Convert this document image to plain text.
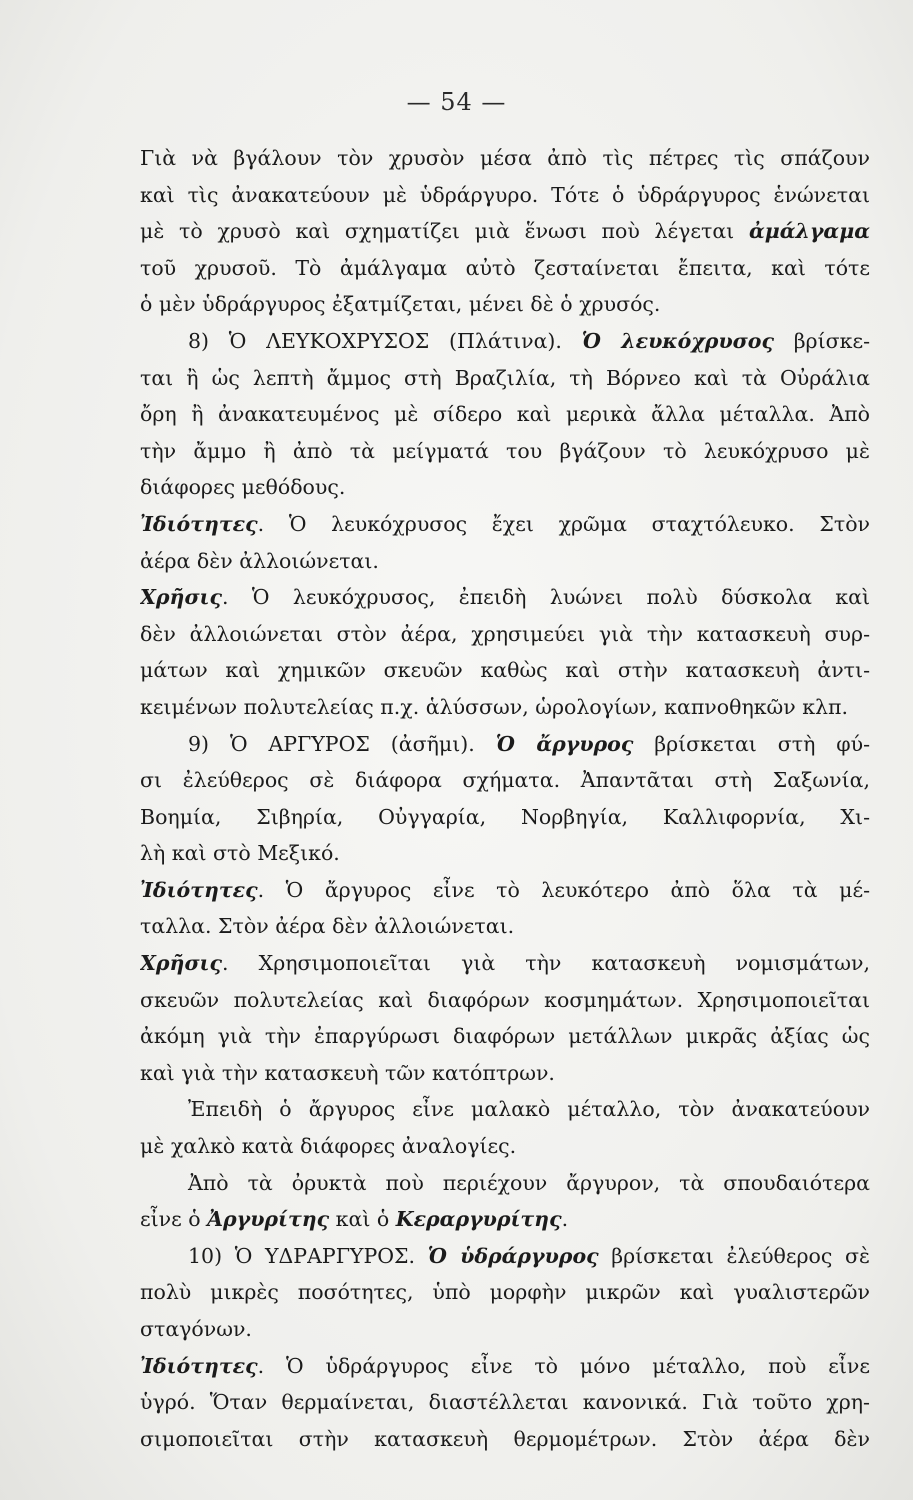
— 54 —
Γιὰ νὰ βγάλουν τὸν χρυσὸν μέσα ἀπὸ τὶς πέτρες τὶς σπάζουν
καὶ τὶς ἀνακατεύουν μὲ ὑδράργυρο. Τότε ὁ ὑδράργυρος ἑνώνεται
μὲ τὸ χρυσὸ καὶ σχηματίζει μιὰ ἕνωσι ποὺ λέγεται ἀμάλγαμα
τοῦ χρυσοῦ. Τὸ ἀμάλγαμα αὐτὸ ζεσταίνεται ἔπειτα, καὶ τότε
ὁ μὲν ὑδράργυρος ἐξατμίζεται, μένει δὲ ὁ χρυσός.
8) Ὁ ΛΕΥΚΟΧΡΥΣΟΣ (Πλάτινα). Ὁ λευκόχρυσος βρίσκε-
ται ἢ ὡς λεπτὴ ἄμμος στὴ Βραζιλία, τὴ Βόρνεο καὶ τὰ Οὐράλια
ὄρη ἢ ἀνακατευμένος μὲ σίδερο καὶ μερικὰ ἄλλα μέταλλα. Ἀπὸ
τὴν ἄμμο ἢ ἀπὸ τὰ μείγματά του βγάζουν τὸ λευκόχρυσο μὲ
διάφορες μεθόδους.
Ἰδιότητες. Ὁ λευκόχρυσος ἔχει χρῶμα σταχτόλευκο. Στὸν
ἀέρα δὲν ἀλλοιώνεται.
Χρῆσις. Ὁ λευκόχρυσος, ἐπειδὴ λυώνει πολὺ δύσκολα καὶ
δὲν ἀλλοιώνεται στὸν ἀέρα, χρησιμεύει γιὰ τὴν κατασκευὴ συρ-
μάτων καὶ χημικῶν σκευῶν καθὼς καὶ στὴν κατασκευὴ ἀντι-
κειμένων πολυτελείας π.χ. ἁλύσσων, ὡρολογίων, καπνοθηκῶν κλπ.
9) Ὁ ΑΡΓΥΡΟΣ (ἀσῆμι). Ὁ ἄργυρος βρίσκεται στὴ φύ-
σι ἐλεύθερος σὲ διάφορα σχήματα. Ἀπαντᾶται στὴ Σαξωνία,
Βοημία, Σιβηρία, Οὐγγαρία, Νορβηγία, Καλλιφορνία, Χι-
λὴ καὶ στὸ Μεξικό.
Ἰδιότητες. Ὁ ἄργυρος εἶνε τὸ λευκότερο ἀπὸ ὅλα τὰ μέ-
ταλλα. Στὸν ἀέρα δὲν ἀλλοιώνεται.
Χρῆσις. Χρησιμοποιεῖται γιὰ τὴν κατασκευὴ νομισμάτων,
σκευῶν πολυτελείας καὶ διαφόρων κοσμημάτων. Χρησιμοποιεῖται
ἀκόμη γιὰ τὴν ἐπαργύρωσι διαφόρων μετάλλων μικρᾶς ἀξίας ὡς
καὶ γιὰ τὴν κατασκευὴ τῶν κατόπτρων.
Ἐπειδὴ ὁ ἄργυρος εἶνε μαλακὸ μέταλλο, τὸν ἀνακατεύουν
μὲ χαλκὸ κατὰ διάφορες ἀναλογίες.
Ἀπὸ τὰ ὀρυκτὰ ποὺ περιέχουν ἄργυρον, τὰ σπουδαιότερα
εἶνε ὁ Ἀργυρίτης καὶ ὁ Κεραργυρίτης.
10) Ὁ ΥΔΡΑΡΓΥΡΟΣ. Ὁ ὑδράργυρος βρίσκεται ἐλεύθερος σὲ
πολὺ μικρὲς ποσότητες, ὑπὸ μορφὴν μικρῶν καὶ γυαλιστερῶν
σταγόνων.
Ἰδιότητες. Ὁ ὑδράργυρος εἶνε τὸ μόνο μέταλλο, ποὺ εἶνε
ὑγρό. Ὅταν θερμαίνεται, διαστέλλεται κανονικά. Γιὰ τοῦτο χρη-
σιμοποιεῖται στὴν κατασκευὴ θερμομέτρων. Στὸν ἀέρα δὲν
